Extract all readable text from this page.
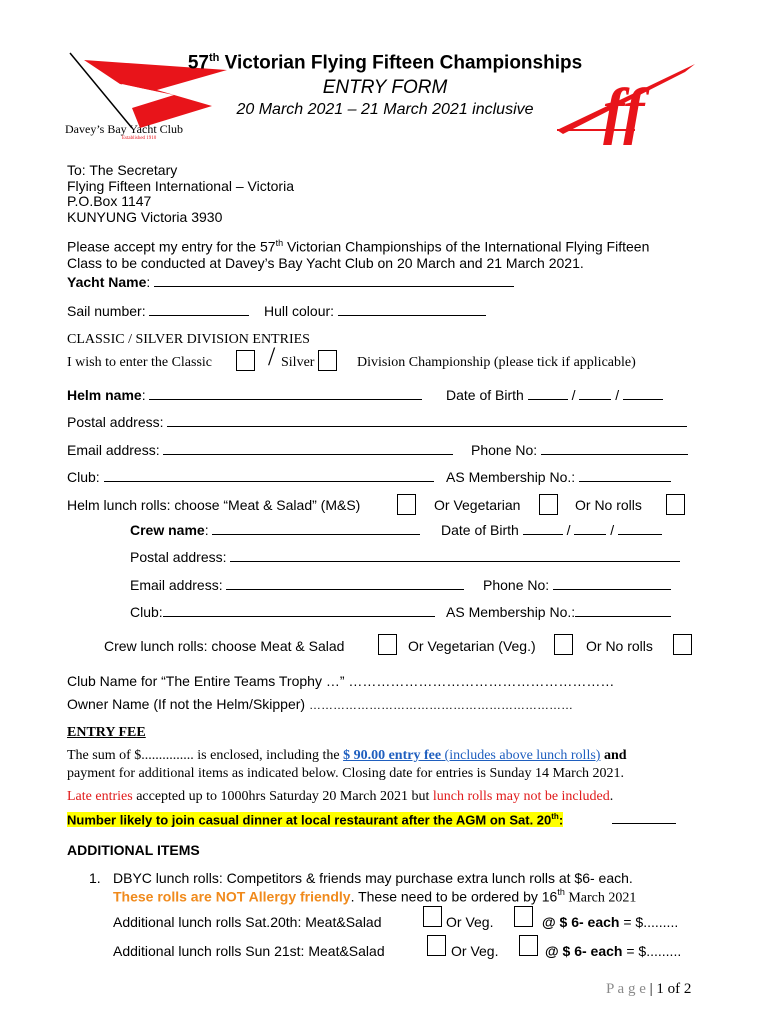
Davey’s Bay Yacht Club
Established 1910	ff
57th Victorian Flying Fifteen Championships
ENTRY FORM
20 March 2021 – 21 March 2021 inclusive
To: The Secretary
Flying Fifteen International – Victoria
P.O.Box 1147
KUNYUNG Victoria 3930
Please accept my entry for the 57th Victorian Championships of the International Flying Fifteen
Class to be conducted at Davey’s Bay Yacht Club on 20 March and 21 March 2021.
Yacht Name:
Sail number:	Hull colour:
CLASSIC / SILVER DIVISION ENTRIES
I wish to enter the Classic / Silver	Division Championship (please tick if applicable)
Helm name:	Date of Birth	/  /
Postal address:
Email address:	Phone No:
Club:	AS Membership No.:
Helm lunch rolls: choose “Meat & Salad” (M&S)	Or Vegetarian	Or No rolls
Crew name:	Date of Birth	/  /
Postal address:
Email address:	Phone No:
Club:	AS Membership No.:
Crew lunch rolls: choose Meat & Salad	Or Vegetarian (Veg.)	Or No rolls
Club Name for “The Entire Teams Trophy …” …………………………………………………
Owner Name (If not the Helm/Skipper) …………………………………………………………
ENTRY FEE
The sum of $............... is enclosed, including the $ 90.00 entry fee (includes above lunch rolls) and
payment for additional items as indicated below. Closing date for entries is Sunday 14 March 2021.
Late entries accepted up to 1000hrs Saturday 20 March 2021 but lunch rolls may not be included.
Number likely to join casual dinner at local restaurant after the AGM on Sat. 20th:
ADDITIONAL ITEMS
1. DBYC lunch rolls: Competitors & friends may purchase extra lunch rolls at $6- each.
These rolls are NOT Allergy friendly. These need to be ordered by 16th March 2021
Additional lunch rolls Sat.20th: Meat&Salad	Or Veg.	@ $ 6- each = $.........
Additional lunch rolls Sun 21st: Meat&Salad	Or Veg.	@ $ 6- each = $.........
P a g e | 1 of 2
